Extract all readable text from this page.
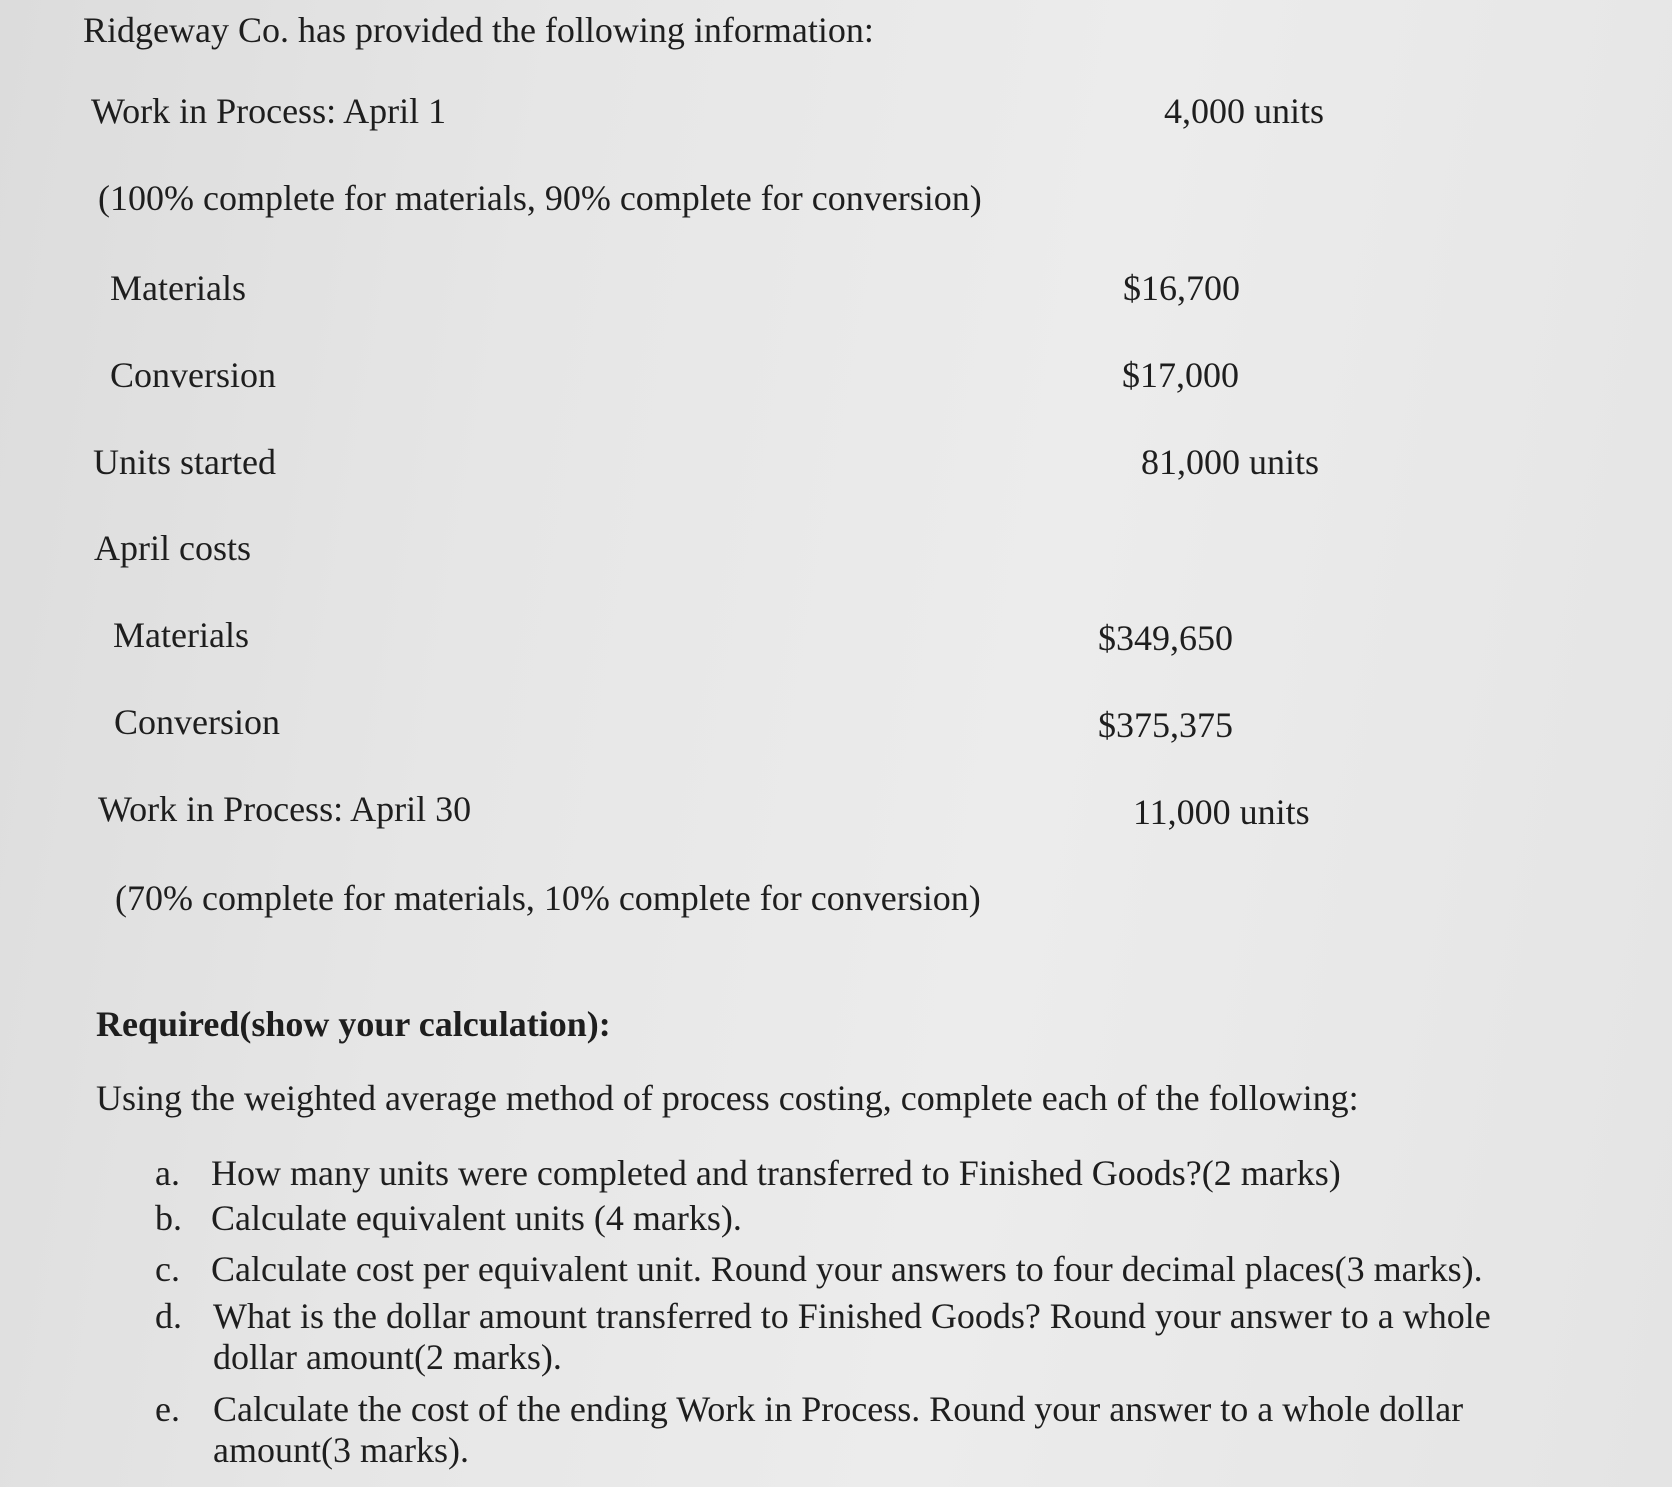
Ridgeway Co. has provided the following information:
Work in Process: April 1	4,000 units
(100% complete for materials, 90% complete for conversion)
Materials	$16,700
Conversion	$17,000
Units started	81,000 units
April costs
Materials	$349,650
Conversion	$375,375
Work in Process: April 30	11,000 units
(70% complete for materials, 10% complete for conversion)
Required(show your calculation):
Using the weighted average method of process costing, complete each of the following:
a. How many units were completed and transferred to Finished Goods?(2 marks)
b. Calculate equivalent units (4 marks).
c. Calculate cost per equivalent unit. Round your answers to four decimal places(3 marks).
d. What is the dollar amount transferred to Finished Goods? Round your answer to a whole
dollar amount(2 marks).
e. Calculate the cost of the ending Work in Process. Round your answer to a whole dollar
amount(3 marks).
